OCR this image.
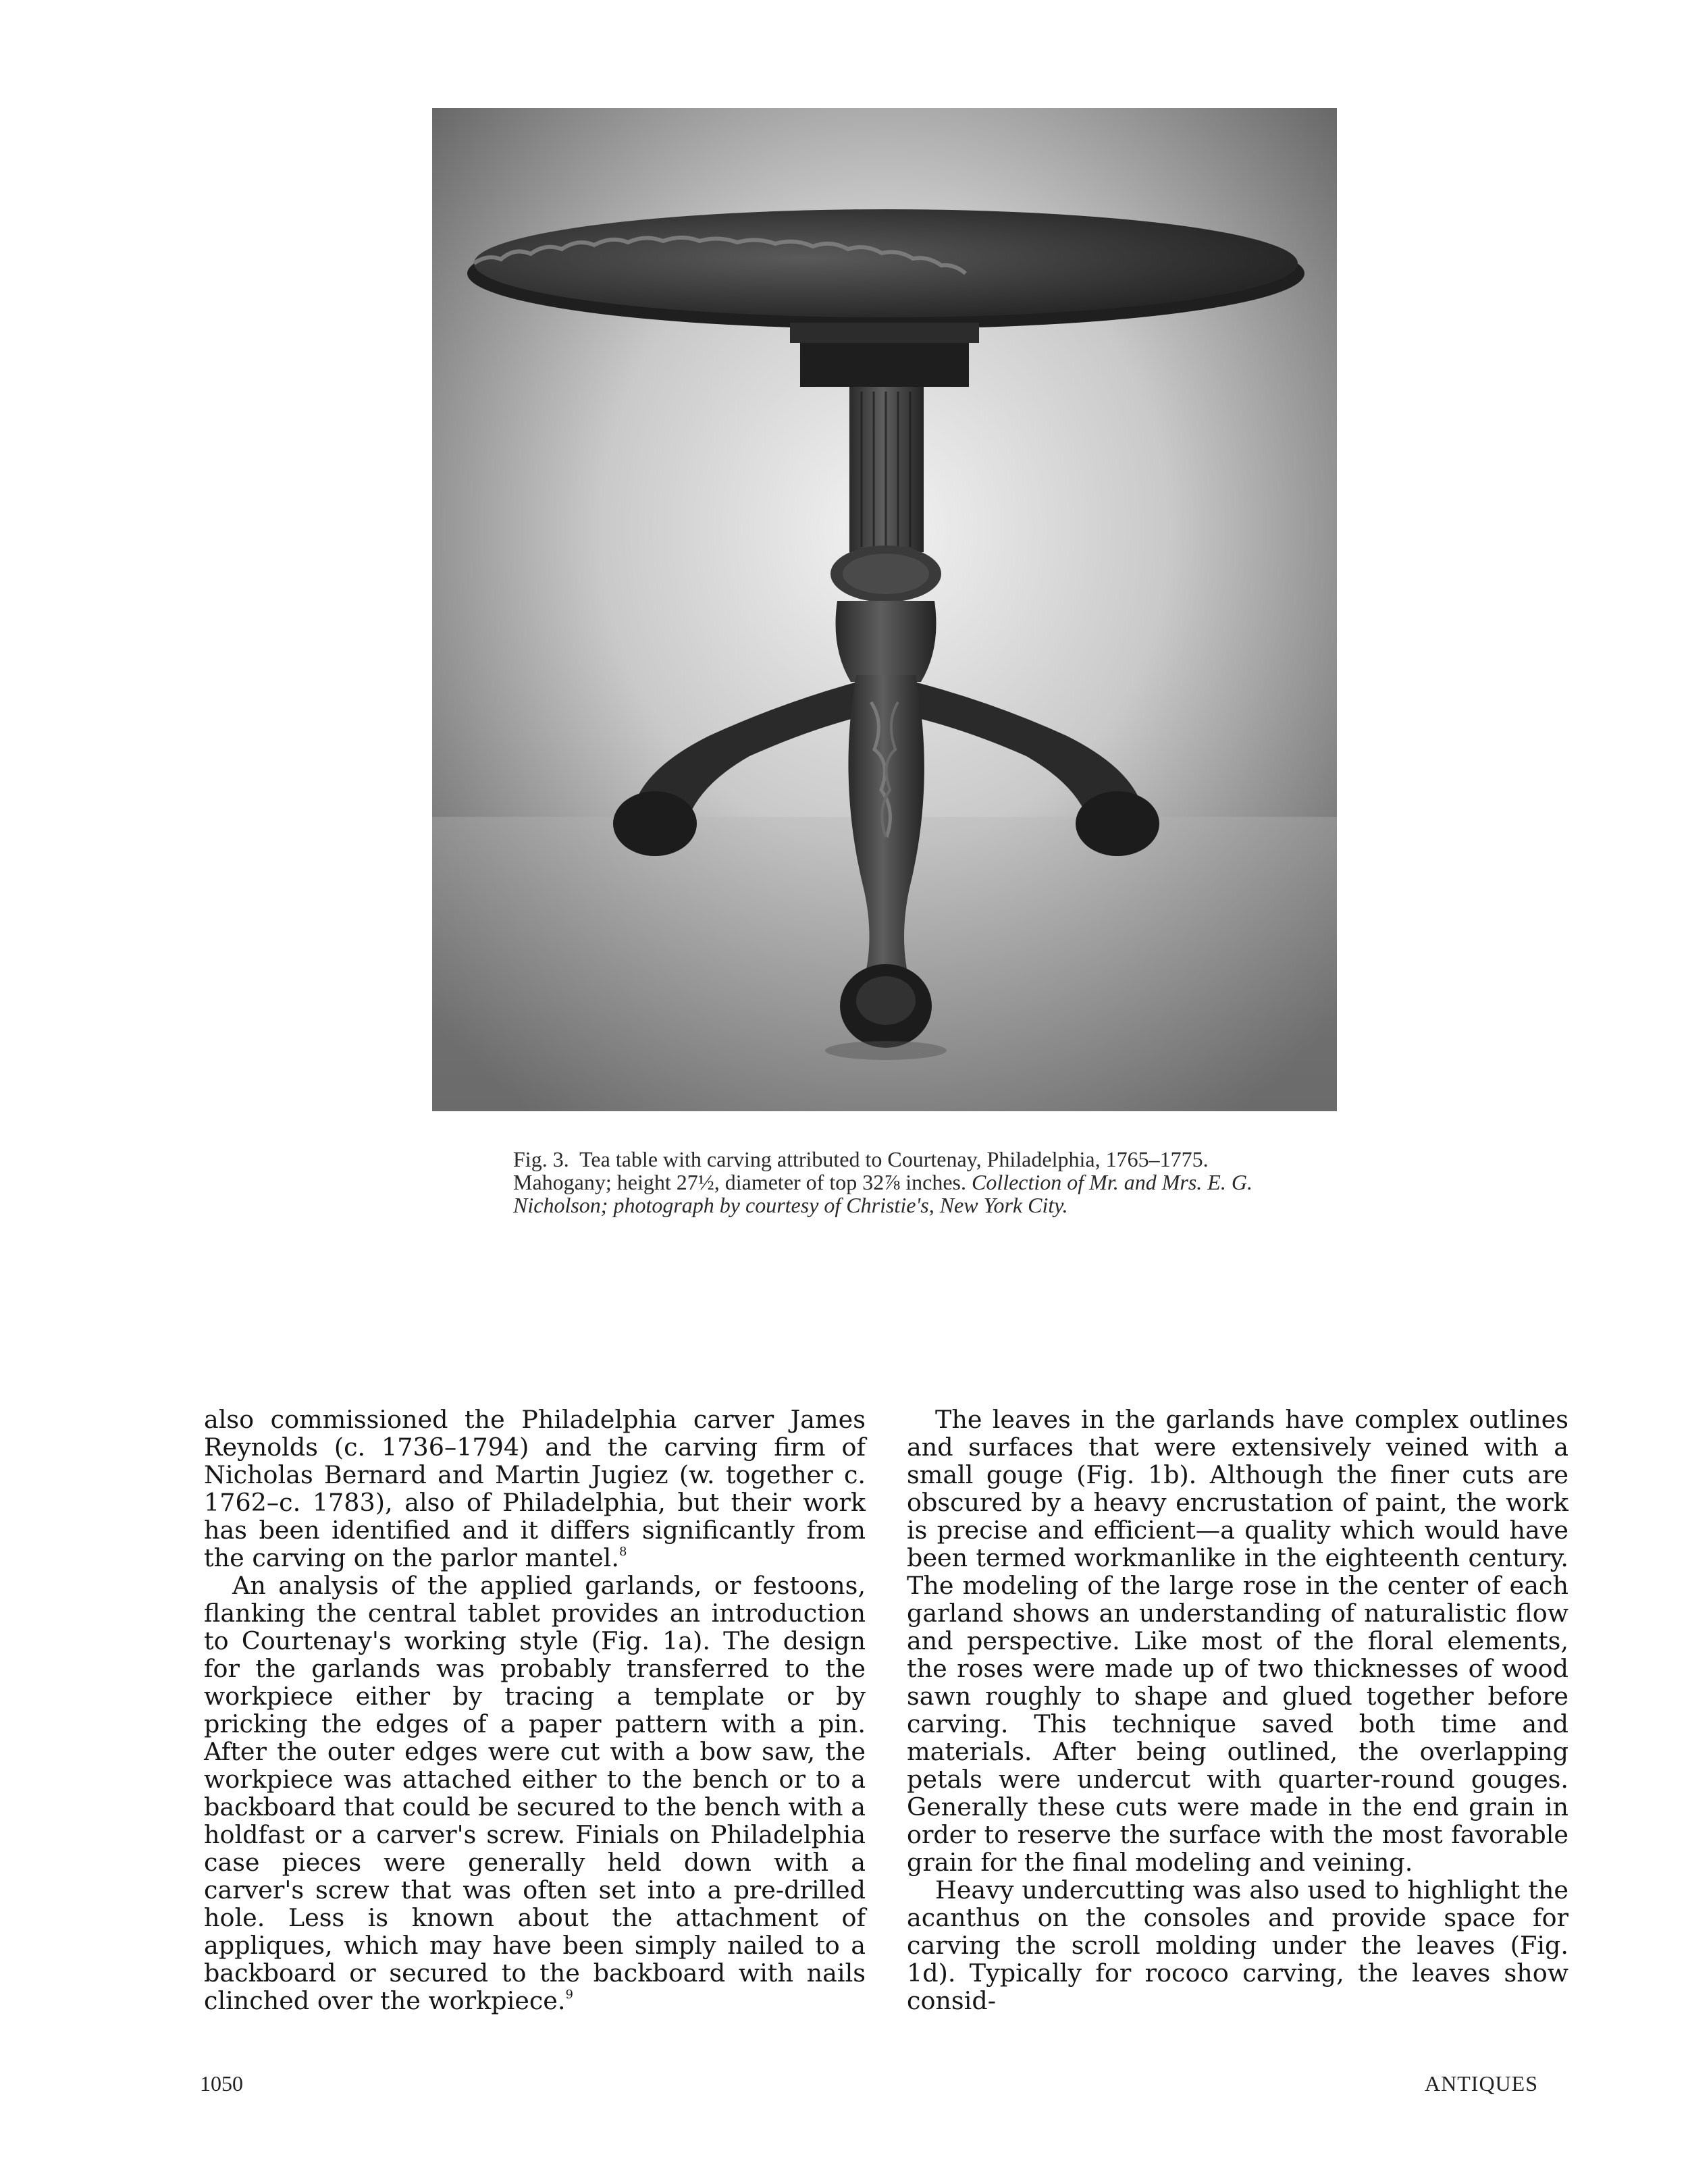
Fig. 3. Tea table with carving attributed to Courtenay, Philadelphia, 1765–1775. Mahogany; height 27½, diameter of top 32⅞ inches. Collection of Mr. and Mrs. E. G. Nicholson; photograph by courtesy of Christie's, New York City.

also commissioned the Philadelphia carver James Reynolds (c. 1736–1794) and the carving firm of Nicholas Bernard and Martin Jugiez (w. together c. 1762–c. 1783), also of Philadelphia, but their work has been identified and it differs significantly from the carving on the parlor mantel.$^8$

An analysis of the applied garlands, or festoons, flanking the central tablet provides an introduction to Courtenay's working style (Fig. 1a). The design for the garlands was probably transferred to the workpiece either by tracing a template or by pricking the edges of a paper pattern with a pin. After the outer edges were cut with a bow saw, the workpiece was attached either to the bench or to a backboard that could be secured to the bench with a holdfast or a carver's screw. Finials on Philadelphia case pieces were generally held down with a carver's screw that was often set into a pre-drilled hole. Less is known about the attachment of appliques, which may have been simply nailed to a backboard or secured to the backboard with nails clinched over the workpiece.$^9$

The leaves in the garlands have complex outlines and surfaces that were extensively veined with a small gouge (Fig. 1b). Although the finer cuts are obscured by a heavy encrustation of paint, the work is precise and efficient—a quality which would have been termed workmanlike in the eighteenth century. The modeling of the large rose in the center of each garland shows an understanding of naturalistic flow and perspective. Like most of the floral elements, the roses were made up of two thicknesses of wood sawn roughly to shape and glued together before carving. This technique saved both time and materials. After being outlined, the overlapping petals were undercut with quarter-round gouges. Generally these cuts were made in the end grain in order to reserve the surface with the most favorable grain for the final modeling and veining.

Heavy undercutting was also used to highlight the acanthus on the consoles and provide space for carving the scroll molding under the leaves (Fig. 1d). Typically for rococo carving, the leaves show consid-

1050	ANTIQUES
